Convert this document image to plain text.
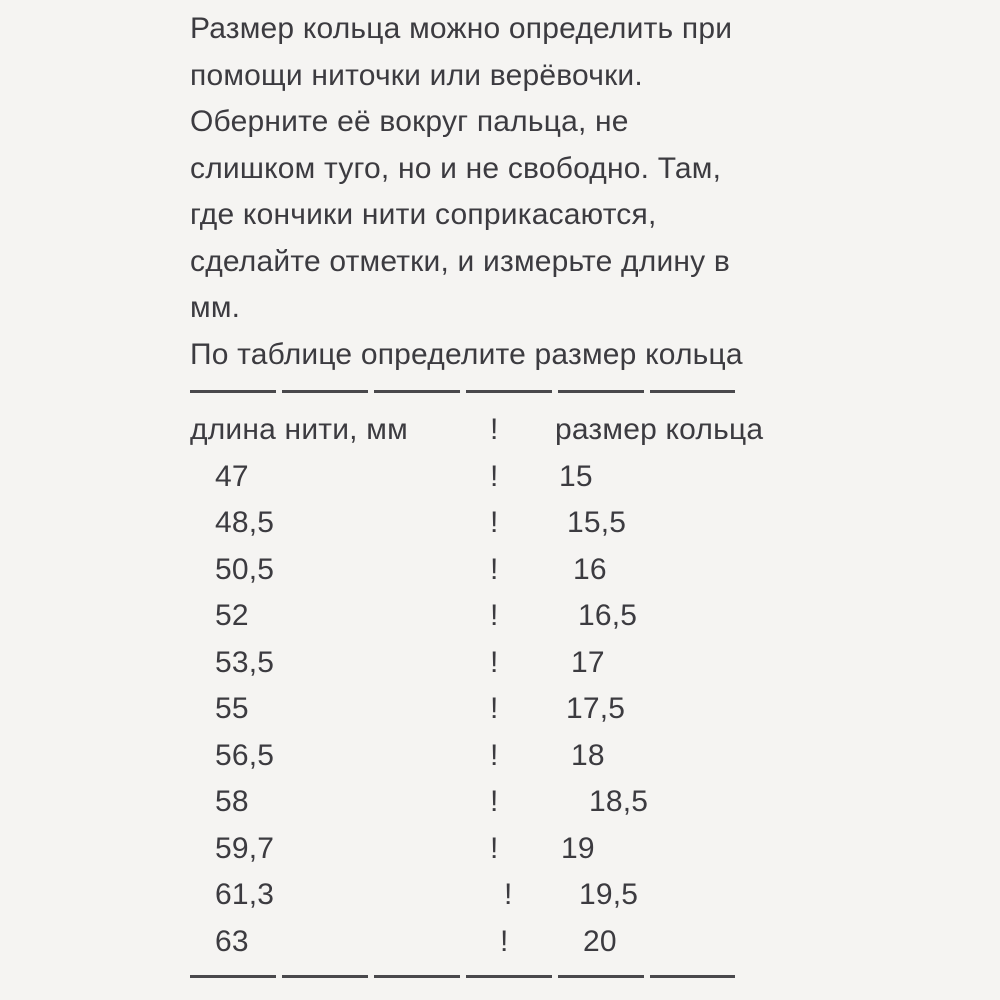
Размер кольца можно определить при
помощи ниточки или верёвочки.
Оберните её вокруг пальца, не
слишком туго, но и не свободно. Там,
где кончики нити соприкасаются,
сделайте отметки, и измерьте длину в
мм.
По таблице определите размер кольца
длина нити, мм	!	размер кольца
47	!	15
48,5	!	15,5
50,5	!	16
52	!	16,5
53,5	!	17
55	!	17,5
56,5	!	18
58	!	18,5
59,7	!	19
61,3	!	19,5
63	!	20
